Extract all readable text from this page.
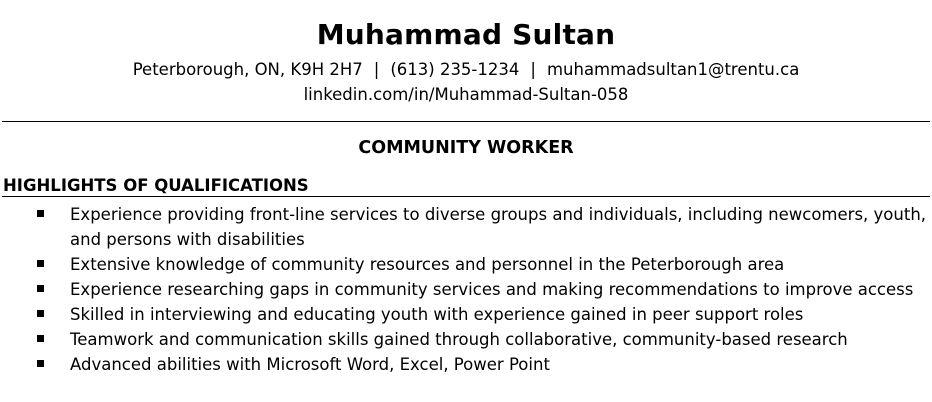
Muhammad Sultan
Peterborough, ON, K9H 2H7 | (613) 235-1234 | muhammadsultan1@trentu.ca
linkedin.com/in/Muhammad-Sultan-058
COMMUNITY WORKER
HIGHLIGHTS OF QUALIFICATIONS
Experience providing front-line services to diverse groups and individuals, including newcomers, youth, and persons with disabilities
Extensive knowledge of community resources and personnel in the Peterborough area
Experience researching gaps in community services and making recommendations to improve access
Skilled in interviewing and educating youth with experience gained in peer support roles
Teamwork and communication skills gained through collaborative, community-based research
Advanced abilities with Microsoft Word, Excel, Power Point
